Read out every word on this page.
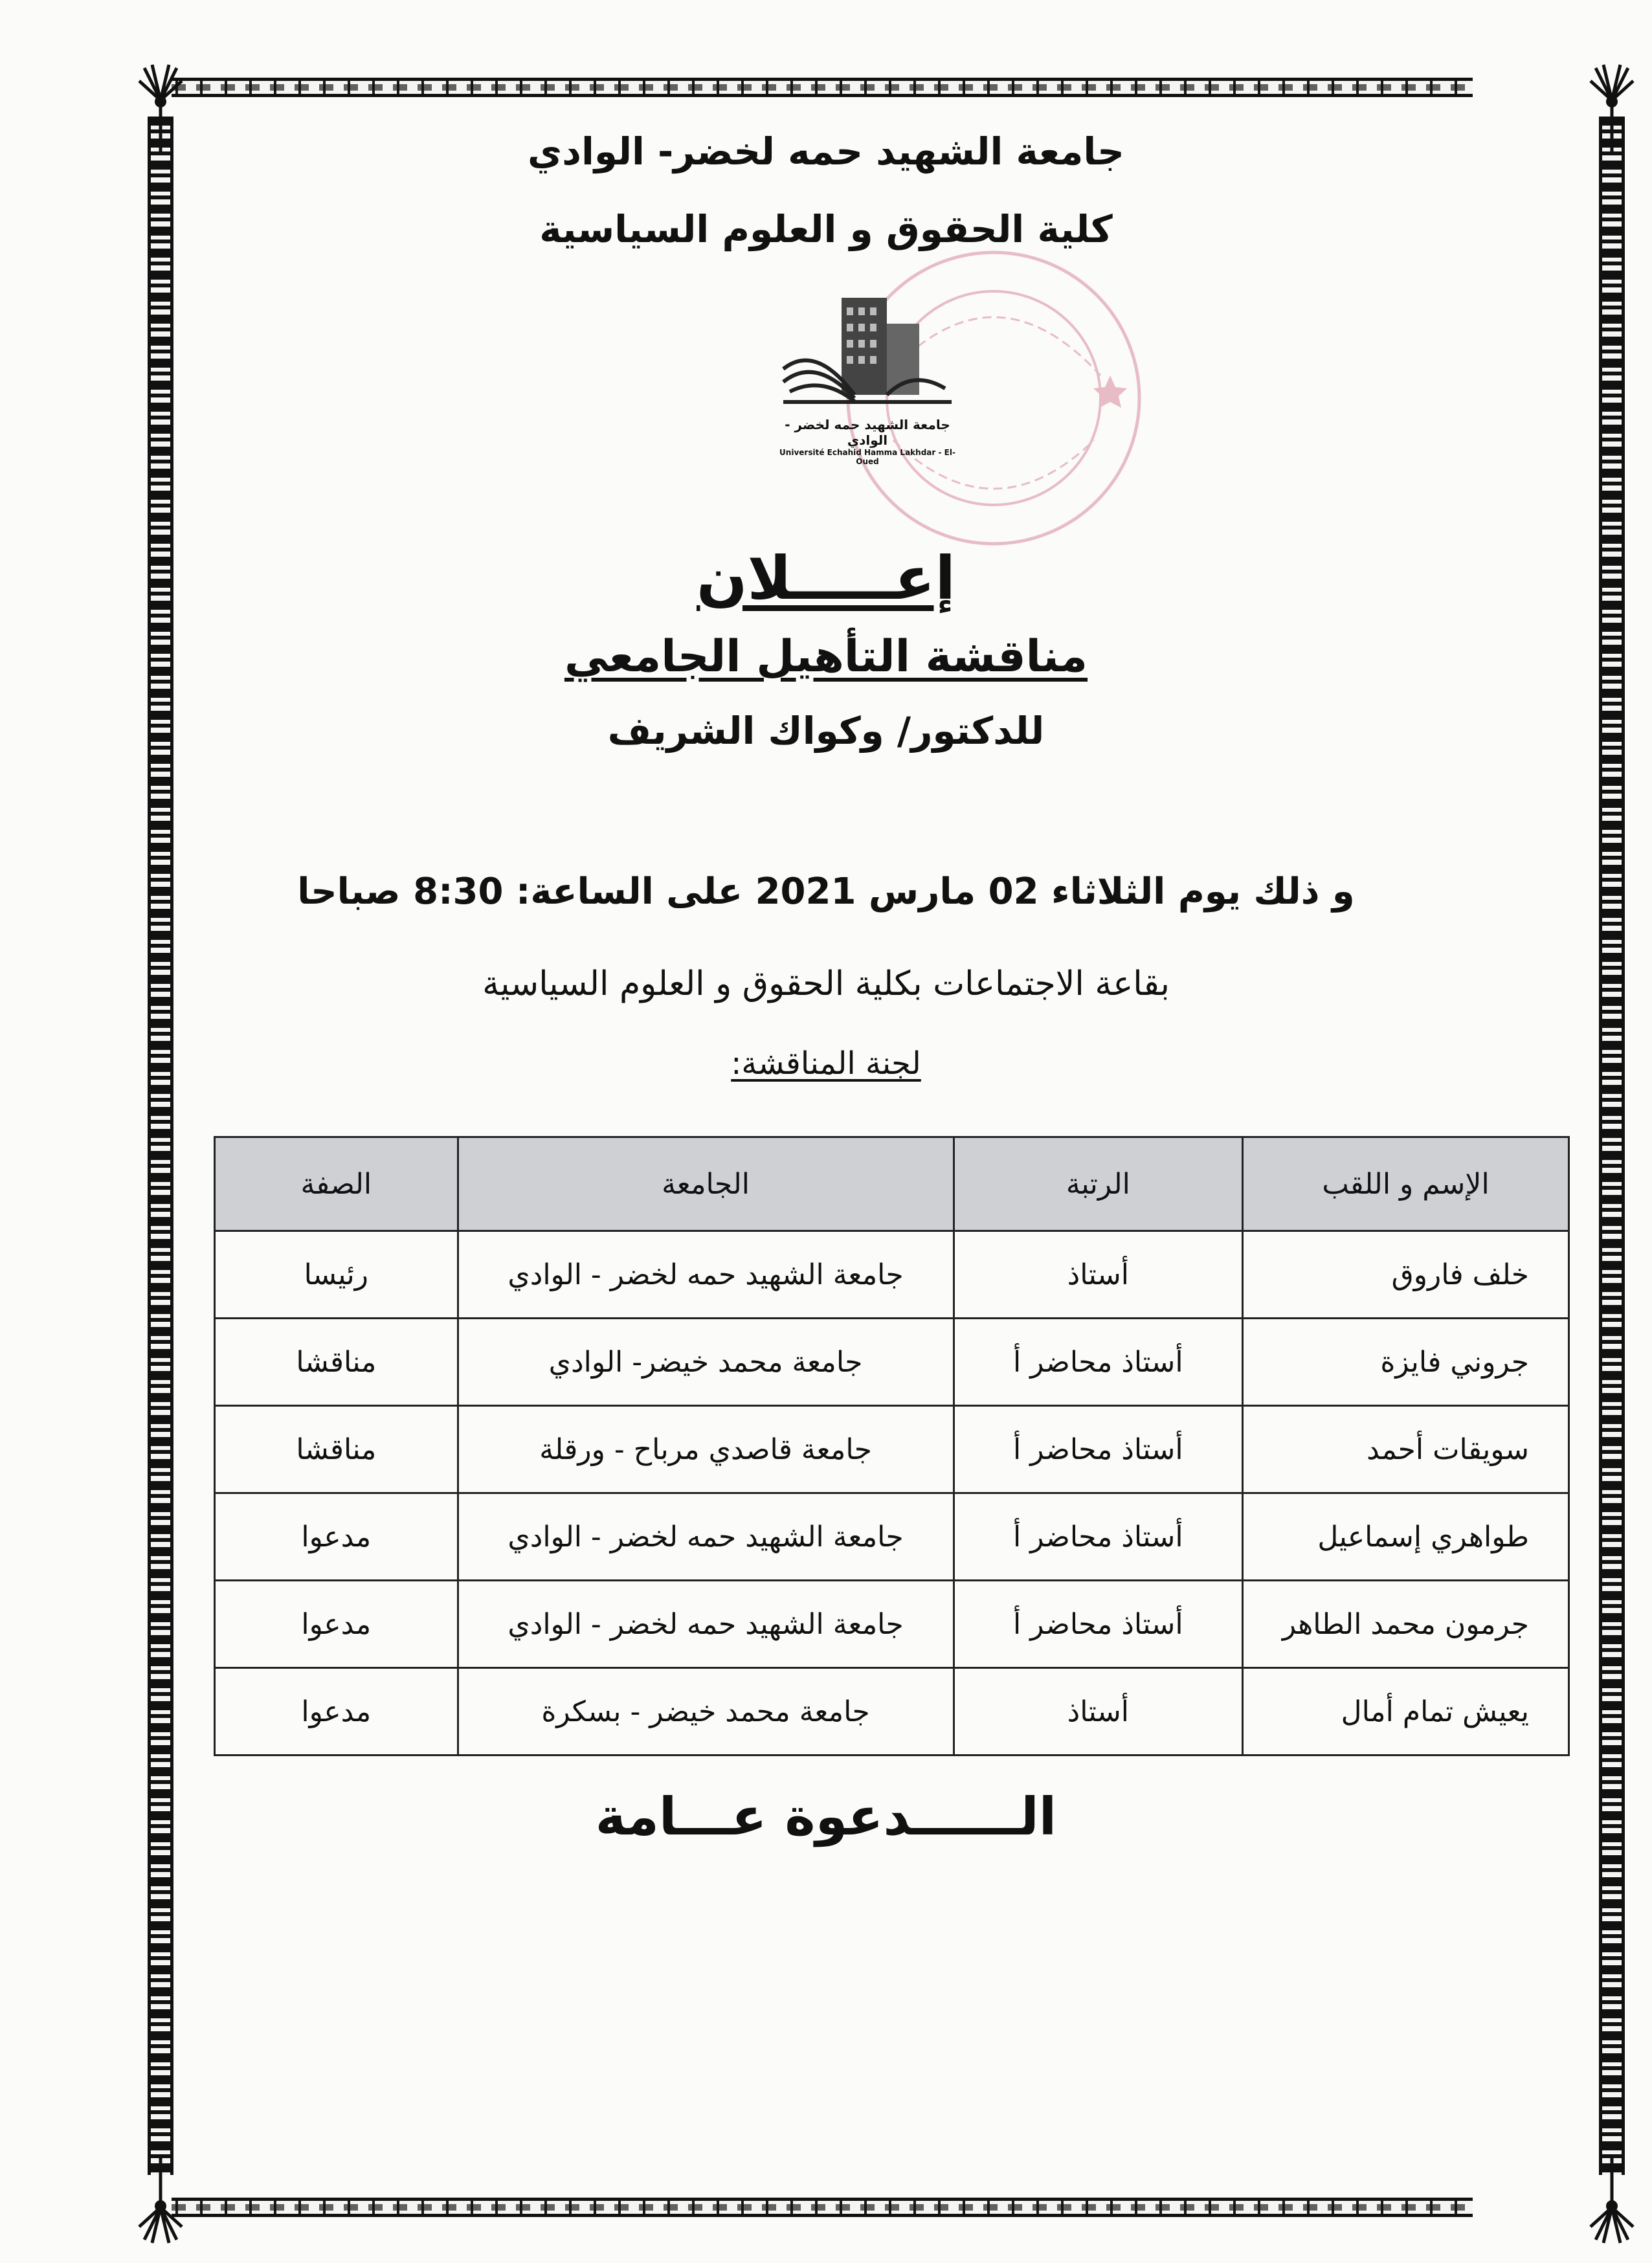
جامعة الشهيد حمه لخضر- الوادي
كلية الحقوق و العلوم السياسية
جامعة الشهيد حمه لخضر - الوادي
Université Echahid Hamma Lakhdar - El-Oued
إعـــــلان
مناقشة التأهيل الجامعي
للدكتور/ وكواك الشريف
و ذلك يوم الثلاثاء 02 مارس 2021 على الساعة: 8:30 صباحا
بقاعة الاجتماعات بكلية الحقوق و العلوم السياسية
لجنة المناقشة:
الإسم و اللقب	الرتبة	الجامعة	الصفة
خلف فاروق	أستاذ	جامعة الشهيد حمه لخضر - الوادي	رئيسا
جروني فايزة	أستاذ محاضر أ	جامعة محمد خيضر- الوادي	مناقشا
سويقات أحمد	أستاذ محاضر أ	جامعة قاصدي مرباح - ورقلة	مناقشا
طواهري إسماعيل	أستاذ محاضر أ	جامعة الشهيد حمه لخضر - الوادي	مدعوا
جرمون محمد الطاهر	أستاذ محاضر أ	جامعة الشهيد حمه لخضر - الوادي	مدعوا
يعيش تمام أمال	أستاذ	جامعة محمد خيضر - بسكرة	مدعوا
الــــــدعوة عـــامة
